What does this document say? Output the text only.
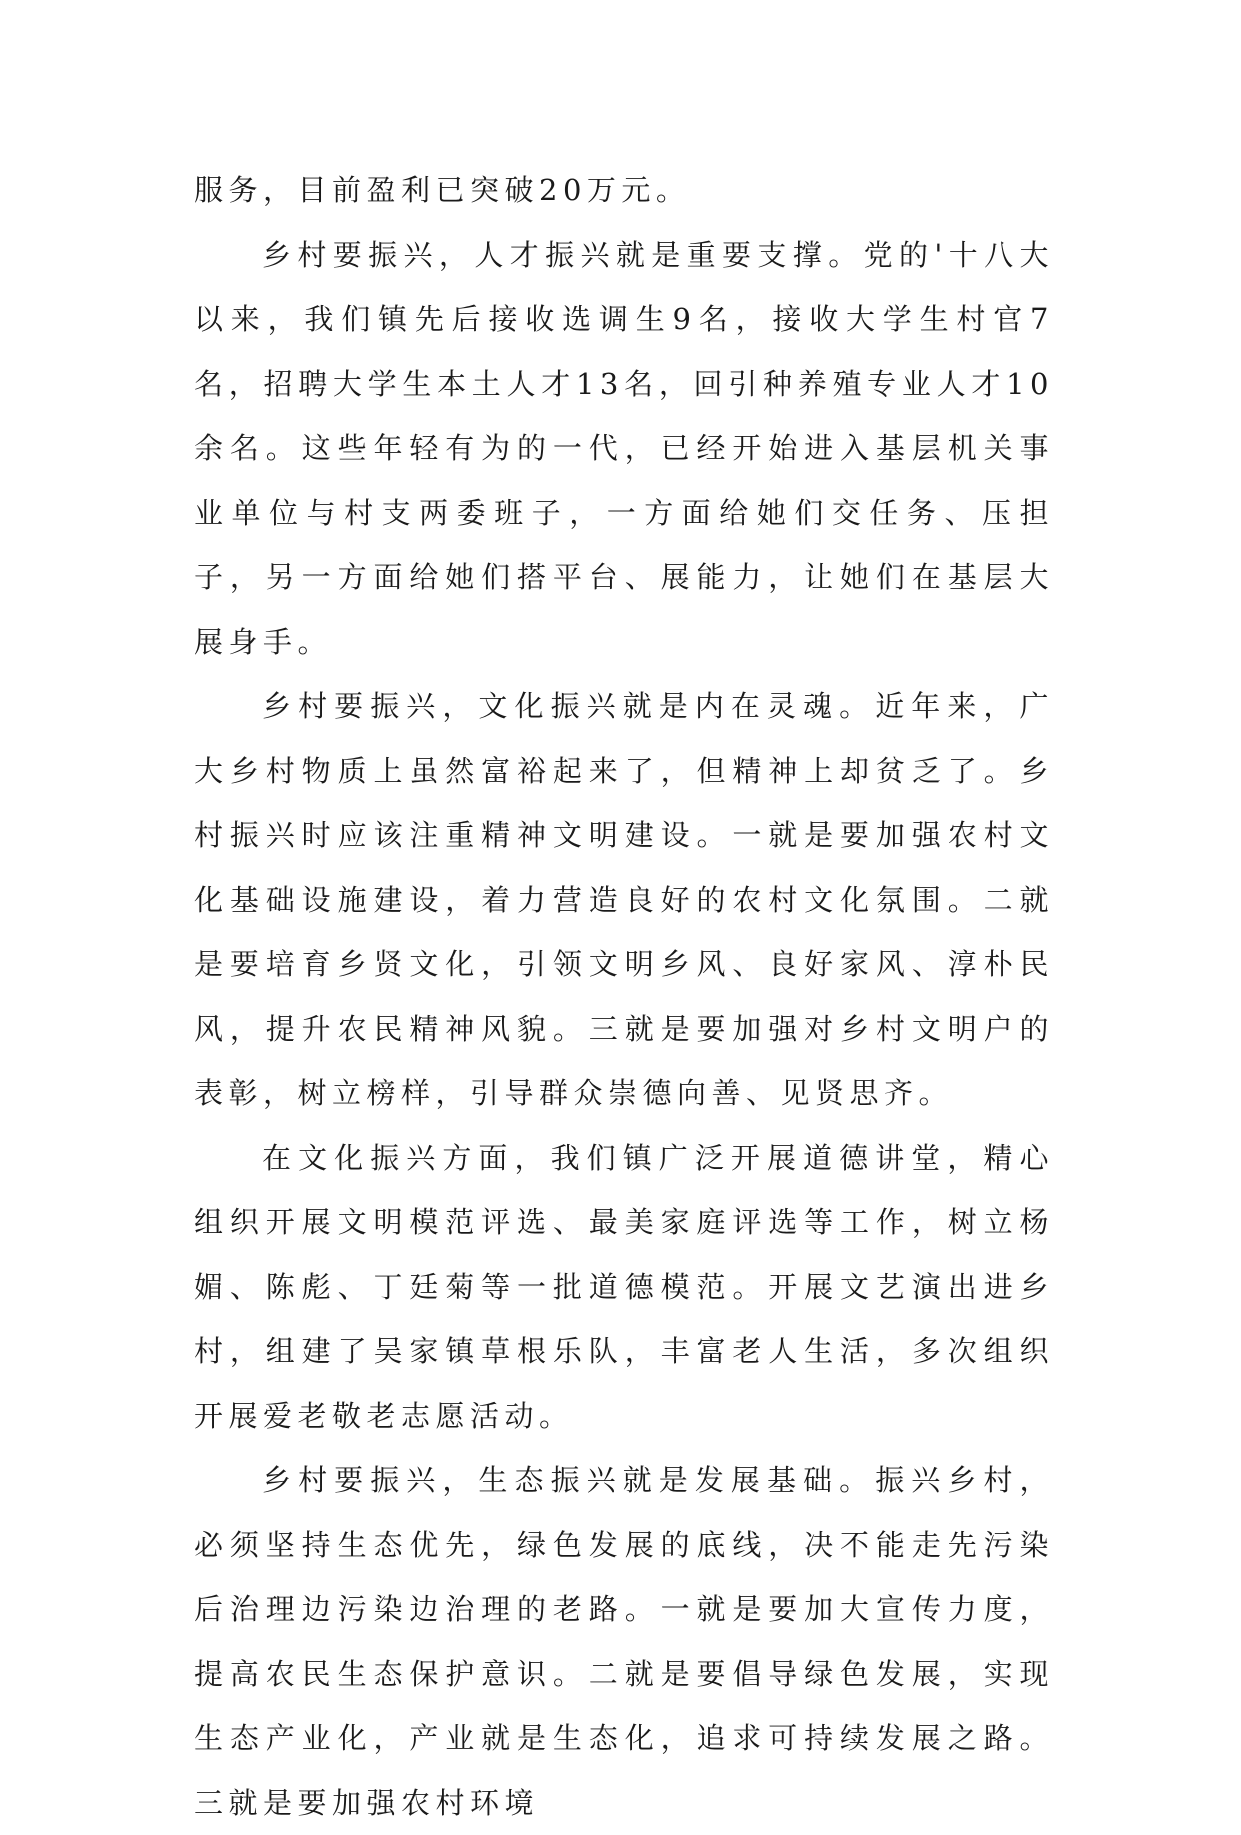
服务，目前盈利已突破20万元。

乡村要振兴，人才振兴就是重要支撑。党的'十八大以来，我们镇先后接收选调生9名，接收大学生村官7名，招聘大学生本土人才13名，回引种养殖专业人才10余名。这些年轻有为的一代，已经开始进入基层机关事业单位与村支两委班子，一方面给她们交任务、压担子，另一方面给她们搭平台、展能力，让她们在基层大展身手。

乡村要振兴，文化振兴就是内在灵魂。近年来，广大乡村物质上虽然富裕起来了，但精神上却贫乏了。乡村振兴时应该注重精神文明建设。一就是要加强农村文化基础设施建设，着力营造良好的农村文化氛围。二就是要培育乡贤文化，引领文明乡风、良好家风、淳朴民风，提升农民精神风貌。三就是要加强对乡村文明户的表彰，树立榜样，引导群众崇德向善、见贤思齐。

在文化振兴方面，我们镇广泛开展道德讲堂，精心组织开展文明模范评选、最美家庭评选等工作，树立杨媚、陈彪、丁廷菊等一批道德模范。开展文艺演出进乡村，组建了吴家镇草根乐队，丰富老人生活，多次组织开展爱老敬老志愿活动。

乡村要振兴，生态振兴就是发展基础。振兴乡村，必须坚持生态优先，绿色发展的底线，决不能走先污染后治理边污染边治理的老路。一就是要加大宣传力度，提高农民生态保护意识。二就是要倡导绿色发展，实现生态产业化，产业就是生态化，追求可持续发展之路。三就是要加强农村环境
